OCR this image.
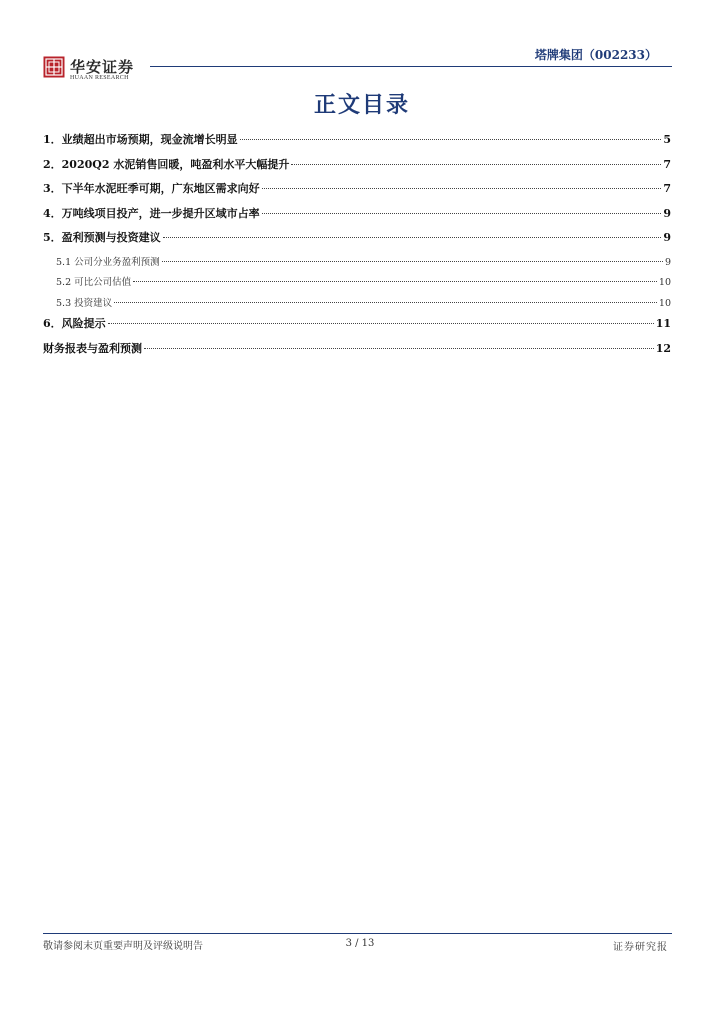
华安证券
HUAAN RESEARCH
塔牌集团（002233）
正文目录
1．业绩超出市场预期，现金流增长明显	5
2．2020Q2 水泥销售回暖，吨盈利水平大幅提升	7
3．下半年水泥旺季可期，广东地区需求向好	7
4．万吨线项目投产，进一步提升区域市占率	9
5．盈利预测与投资建议	9
5.1 公司分业务盈利预测	9
5.2 可比公司估值	10
5.3 投资建议	10
6．风险提示	11
财务报表与盈利预测	12
敬请参阅末页重要声明及评级说明告	3 / 13	证券研究报
